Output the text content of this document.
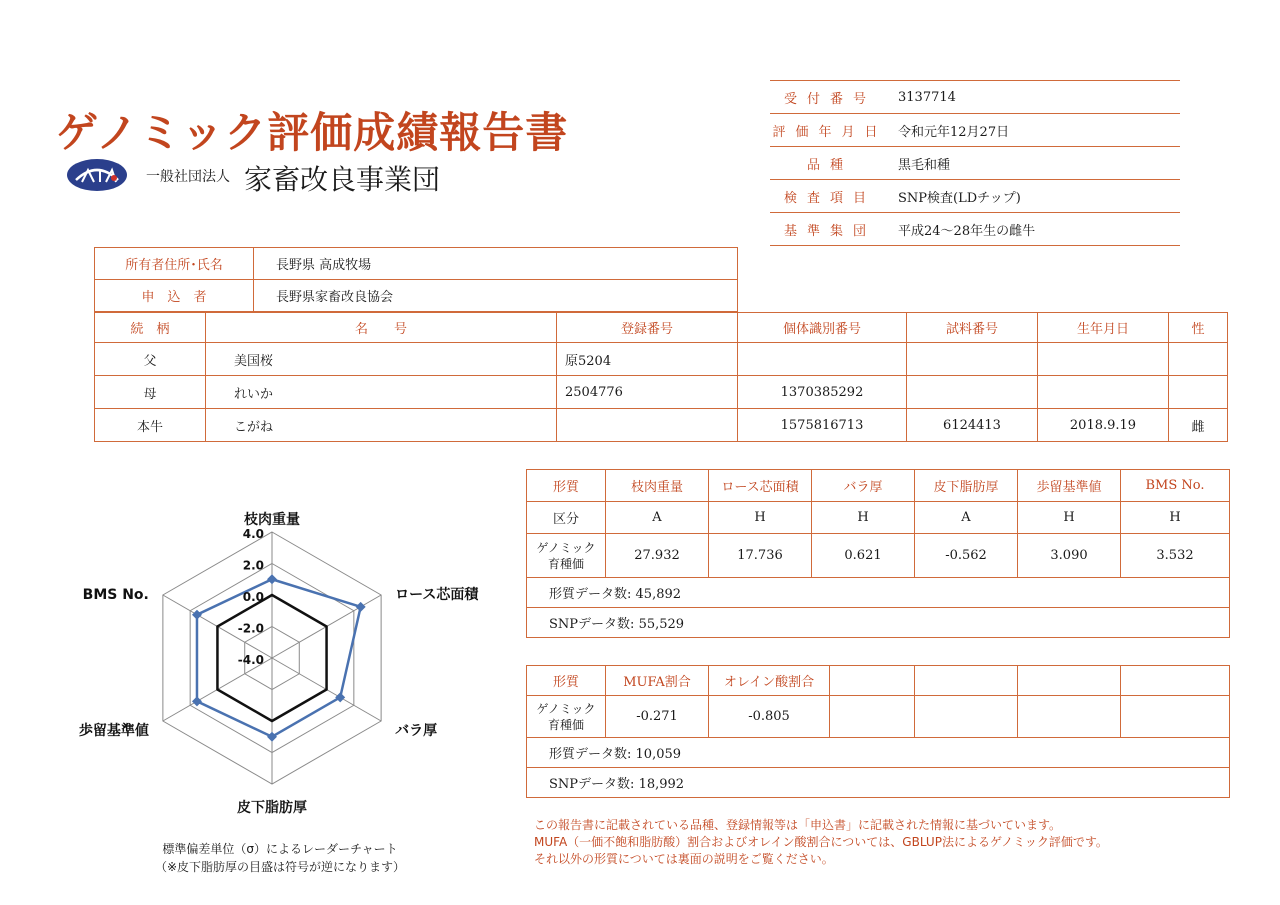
ゲノミック評価成績報告書
一般社団法人 家畜改良事業団
受付番号	3137714
評価年月日	令和元年12月27日
品種	黒毛和種
検査項目	SNP検査(LDチップ)
基準集団	平成24～28年生の雌牛
所有者住所･氏名	長野県 高成牧場
申　込　者	長野県家畜改良協会
続　柄	名　　号	登録番号	個体識別番号	試料番号	生年月日	性
父	美国桜	原5204				
母	れいか	2504776	1370385292			
本牛	こがね		1575816713	6124413	2018.9.19	雌
4.0
2.0
0.0
-2.0
-4.0
枝肉重量
ロース芯面積
バラ厚
皮下脂肪厚
歩留基準値
BMS No.
標準偏差単位（σ）によるレーダーチャート
（※皮下脂肪厚の目盛は符号が逆になります）
形質	枝肉重量	ロース芯面積	バラ厚	皮下脂肪厚	歩留基準値	BMS No.
区分	A	H	H	A	H	H

ゲノミック
育種価	27.932	17.736	0.621	-0.562	3.090	3.532
形質データ数: 45,892						
SNPデータ数: 55,529						
形質	MUFA割合	オレイン酸割合				

ゲノミック
育種価	-0.271	-0.805				
形質データ数: 10,059						
SNPデータ数: 18,992						
この報告書に記載されている品種、登録情報等は「申込書」に記載された情報に基づいています。
MUFA（一価不飽和脂肪酸）割合およびオレイン酸割合については、GBLUP法によるゲノミック評価です。
それ以外の形質については裏面の説明をご覧ください。
